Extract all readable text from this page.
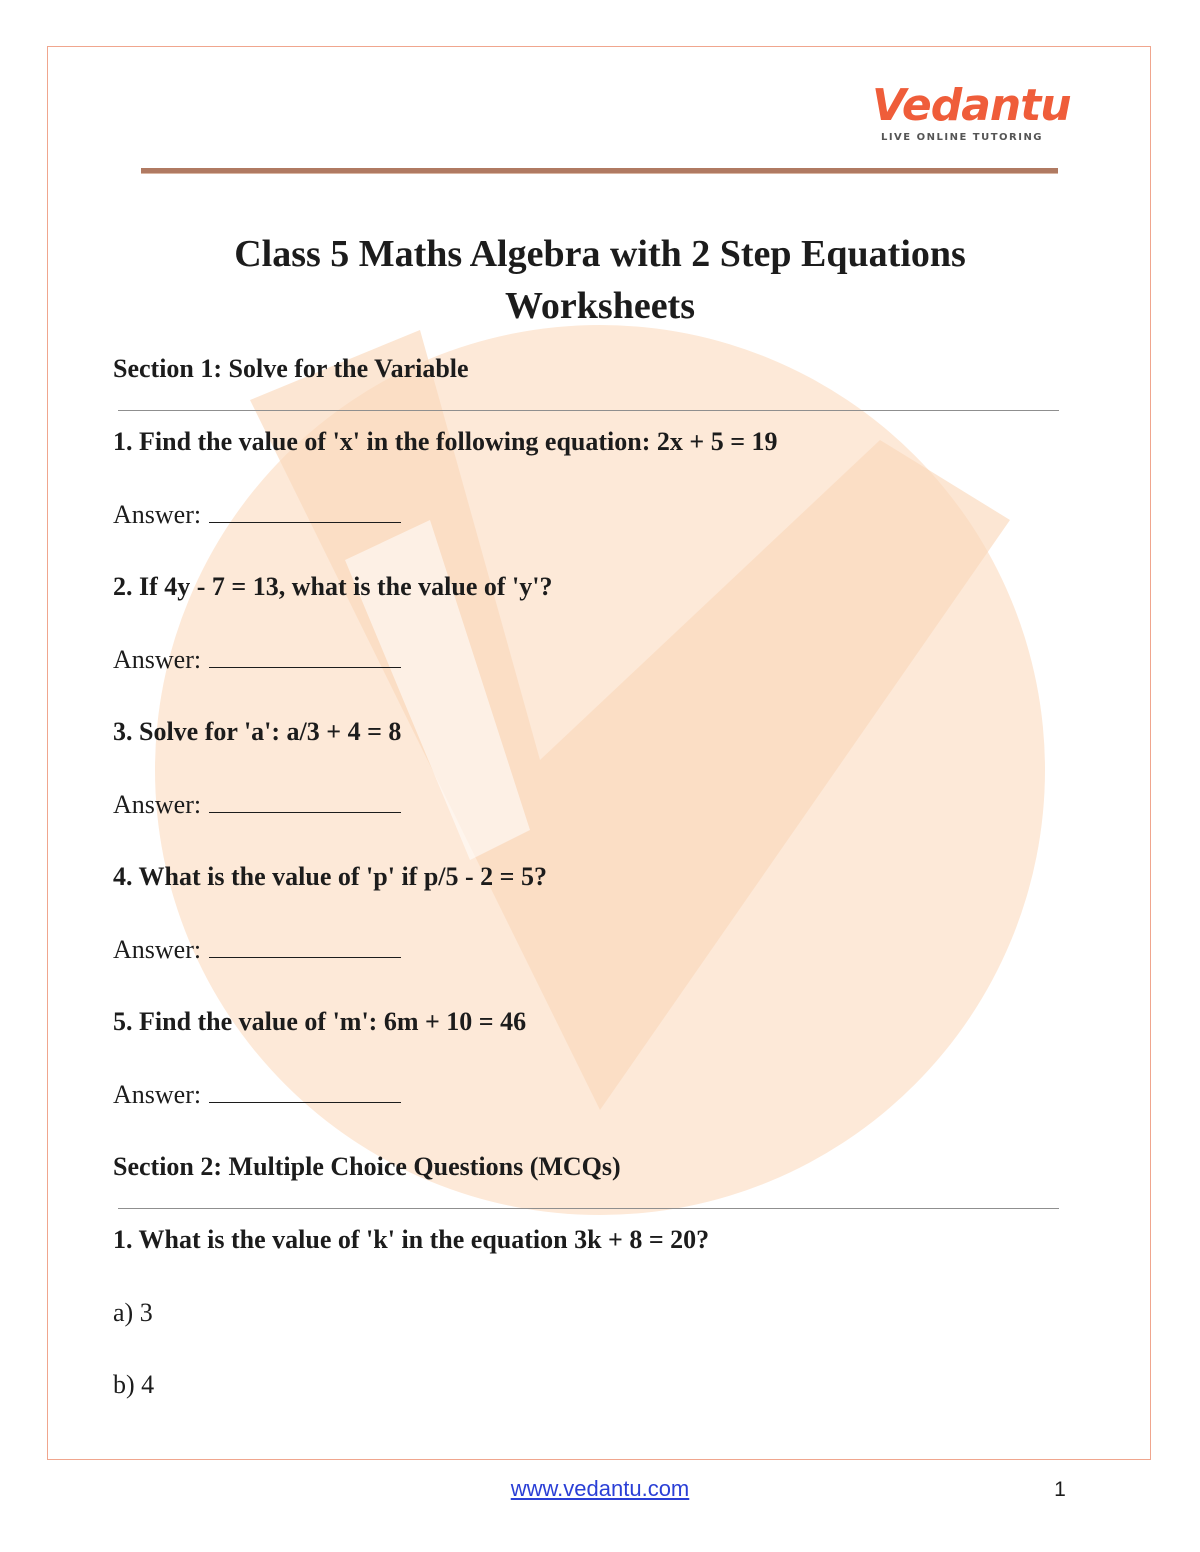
Vedantu
LIVE ONLINE TUTORING
Class 5 Maths Algebra with 2 Step Equations
Worksheets
Section 1: Solve for the Variable
1. Find the value of 'x' in the following equation: 2x + 5 = 19
Answer:
2. If 4y - 7 = 13, what is the value of 'y'?
Answer:
3. Solve for 'a': a/3 + 4 = 8
Answer:
4. What is the value of 'p' if p/5 - 2 = 5?
Answer:
5. Find the value of 'm': 6m + 10 = 46
Answer:
Section 2: Multiple Choice Questions (MCQs)
1. What is the value of 'k' in the equation 3k + 8 = 20?
a) 3
b) 4
www.vedantu.com	1
